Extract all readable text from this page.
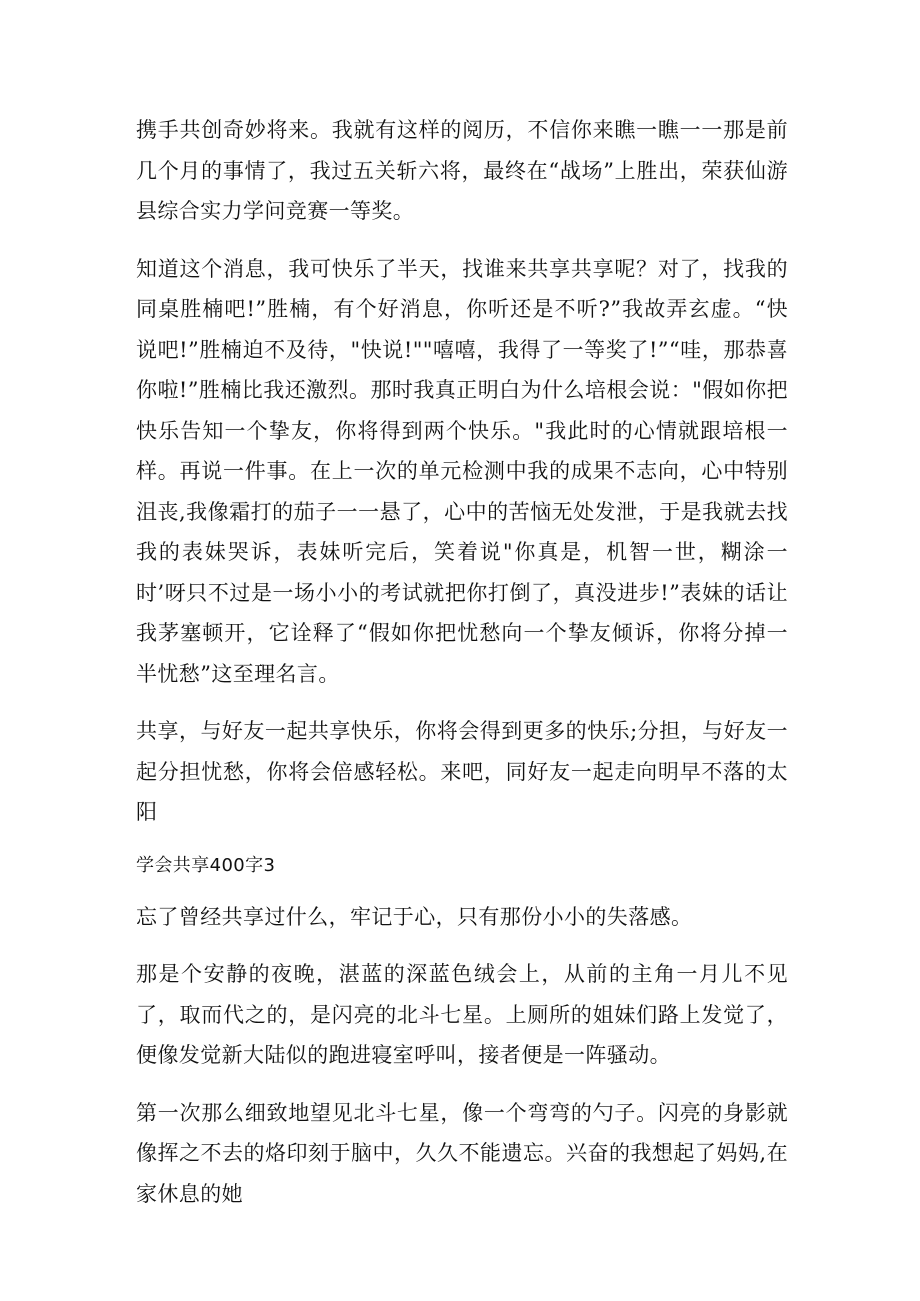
携手共创奇妙将来。我就有这样的阅历，不信你来瞧一瞧一一那是前几个月的事情了，我过五关斩六将，最终在“战场”上胜出，荣获仙游县综合实力学问竞赛一等奖。

知道这个消息，我可快乐了半天，找谁来共享共享呢？对了，找我的同桌胜楠吧!”胜楠，有个好消息，你听还是不听?”我故弄玄虚。“快说吧!”胜楠迫不及待，"快说!""嘻嘻，我得了一等奖了!”“哇，那恭喜你啦!”胜楠比我还激烈。那时我真正明白为什么培根会说："假如你把快乐告知一个挚友，你将得到两个快乐。"我此时的心情就跟培根一样。再说一件事。在上一次的单元检测中我的成果不志向，心中特别沮丧,我像霜打的茄子一一悬了，心中的苦恼无处发泄，于是我就去找我的表妹哭诉，表妹听完后，笑着说"你真是，机智一世，糊涂一时’呀只不过是一场小小的考试就把你打倒了，真没进步!”表妹的话让我茅塞顿开，它诠释了“假如你把忧愁向一个挚友倾诉，你将分掉一半忧愁”这至理名言。

共享，与好友一起共享快乐，你将会得到更多的快乐;分担，与好友一起分担忧愁，你将会倍感轻松。来吧，同好友一起走向明早不落的太阳

学会共享400字3

忘了曾经共享过什么，牢记于心，只有那份小小的失落感。

那是个安静的夜晚，湛蓝的深蓝色绒会上，从前的主角一月儿不见了，取而代之的，是闪亮的北斗七星。上厕所的姐妹们路上发觉了，便像发觉新大陆似的跑进寝室呼叫，接者便是一阵骚动。

第一次那么细致地望见北斗七星，像一个弯弯的勺子。闪亮的身影就像挥之不去的烙印刻于脑中，久久不能遗忘。兴奋的我想起了妈妈,在家休息的她
